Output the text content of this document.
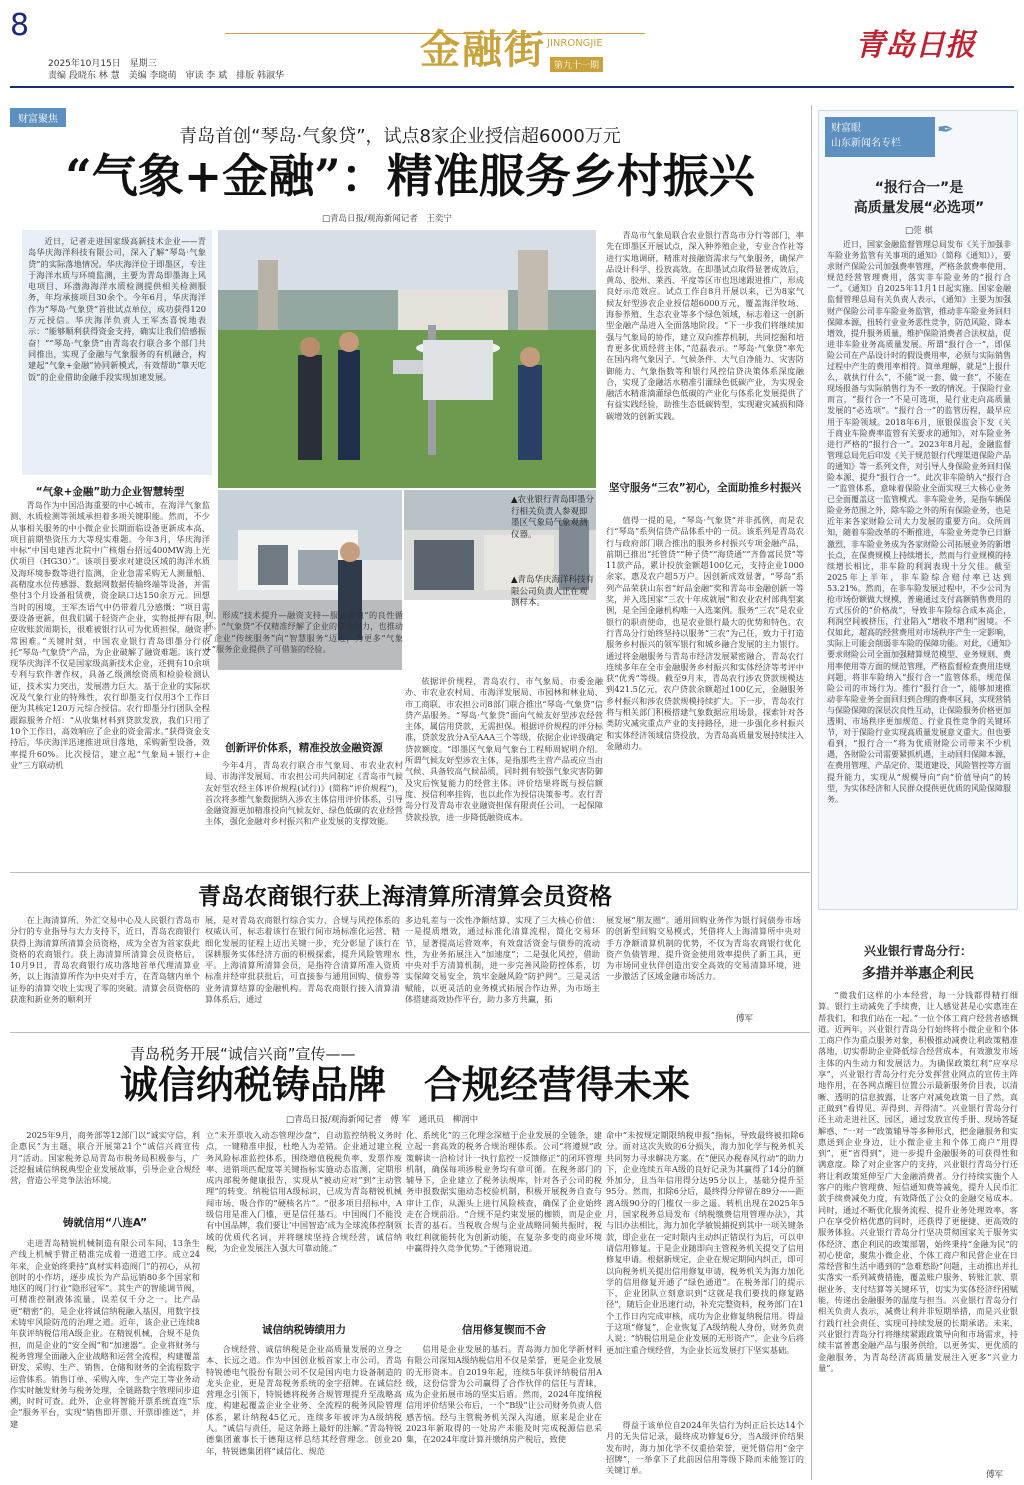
8
2025年10月15日　星期三
责编 段晓东 林 慧　美编 李晓萌　审读 李 斌　排版 韩淑华
金融街 JINRONGJIE
第九十一期
青岛日报
财富聚焦
青岛首创“琴岛·气象贷”，试点8家企业授信超6000万元
“气象+金融”：精准服务乡村振兴
□青岛日报/观海新闻记者　王奕宁
近日，记者走进国家级高新技术企业——青岛华庆海洋科技有限公司，深入了解“琴岛·气象贷”的实际落地情况。华庆海洋位于即墨区，专注于海洋水质与环境监测，主要为青岛即墨海上风电项目、环渤海海洋水质检测提供相关检测服务，年均承接项目30余个。今年6月，华庆海洋作为“琴岛·气象贷”首批试点单位，成功获得120万元授信。华庆海洋负责人王军杰喜悦地表示：“能够顺利获得资金支持，确实让我们倍感振奋！”“琴岛·气象贷”由青岛农行联合多个部门共同推出，实现了金融与气象服务的有机融合，构建起“气象+金融”协同新模式，有效帮助“靠天吃饭”的企业借助金融手段实现加速发展。
“气象+金融”助力企业智慧转型
青岛作为中国沿海重要的中心城市，在海洋气象监测、水质检测等领域承担着多项关键职能。然而，不少从事相关服务的中小微企业长期面临设备更新成本高、项目前期垫资压力大等现实难题。今年3月，华庆海洋中标“中国电建西北院中广核烟台招远400MW海上光伏项目（HG30）”。该项目要求对建设区域的海洋水质及海环境参数等进行监测，企业急需采购无人测量船、高精度水位传感器、数据网数据传输终端等设备，并需垫付3个月设备租赁费，资金缺口达150余万元。回想当时的困境，王军杰语气中仍带着几分感慨：“项目需要设备更新，但我们属于轻资产企业，实物抵押有限，应收账款周期长，很难被银行认可为优质担保，融资非常困难。”关键时刻，中国农业银行青岛即墨分行依托“琴岛·气象贷”产品，为企业破解了融资难题。该行发现华庆海洋不仅是国家级高新技术企业，还拥有10余项专利与软件著作权，具备乙级测绘资质和检验检测认证，技术实力突出，发展潜力巨大。基于企业的实际状况及气象行业的特殊性，农行即墨支行仅用3个工作日便为其核定120万元综合授信。农行即墨分行团队全程跟踪服务介绍：“从收集材料到贷款发放，我们只用了10个工作日，高效响应了企业的资金需求。”获得资金支持后，华庆海洋迅速推进项目落地，采购新型设备，效率提升60%。比次授信，建立起“气象局+银行+企业”三方联动机
▲农业银行青岛即墨分行相关负责人参观即墨区气象局气象观测仪器。
▲青岛华庆海洋科技有限公司负责人正在观测样本。
制，形成“技术提升—融资支持—服务增值”的良性循环。“气象贷”不仅精准纾解了企业的资金压力，也推动了企业“传统服务”向“智慧服务”迈进，为更多“气象+”服务企业提供了可借鉴的经验。
创新评价体系，精准投放金融资源
今年4月，青岛农行联合市气象局、市农业农村局、市海洋发展局、市农担公司共同制定《青岛市气候友好型农经主体评价规程(试行)》(简称“评价规程”)，首次将多维气象数据纳入涉农主体信用评价体系，引导金融资源更加精准投向气候友好、绿色低碳的农业经营主体，强化金融对乡村振兴和产业发展的支撑效能。
依据评价规程，青岛农行、市气象局、市委金融办、市农业农村局、市海洋发展局、市园林和林业局、市工商联、市农担公司8部门联合推出“琴岛·气象贷”信贷产品服务。“琴岛·气象贷”面向气候友好型涉农经营主体，属信用贷款，无需担保。根据评价规程的评分标准，贷款发放分A至AAA三个等级，依据企业评级确定贷款额度。“即墨区气象局气象台工程师周妮明介绍。所谓气候友好型涉农主体，是指那些主营产品或应当由气候、具备较高气候品质，同时拥有较强气象灾害防御及灾后恢复能力的经营主体。评价结果将既与授信额度、授信利率挂钩，也以此作为授信决策参考。农行青岛分行及青岛市农业融资担保有限责任公司，一起保障贷款投放，进一步降低融资成本。
青岛市气象局联合农业银行青岛市分行等部门，率先在即墨区开展试点，深入种养殖企业，专业合作社等进行实地调研，精准对接融资需求与气象服务，确保产品设计科学、投放高效。在即墨试点取得显著成效后，黄岛、胶州、莱西、平度等区市也迅速跟进推广，形成良好示范效应。试点工作自8月开展以来，已为8家气候友好型涉农企业授信超6000万元，覆盖海洋牧场、海参养殖、生态农业等多个绿色领域，标志着这一创新型金融产品进入全面落地阶段。“下一步我们将继续加强与气象局的协作，建立双向推荐机制，共同挖掘和培育更多优质经营主体，”范磊表示。“琴岛·气象贷”率先在国内将气象因子、气候条件、大气自净能力、灾害防御能力、气象指数等和银行风控信贷决策体系深度融合，实现了金融活水精准引灌绿色低碳产业，为实现金融活水精准滴灌绿色低碳的产业化与体系化发展提供了有益实践经验，助推生态低碳转型，实现避灾减损和降碳增效的创新实践。
坚守服务“三农”初心，全面助推乡村振兴
值得一提的是，“琴岛·气象贷”并非孤例，而是农行“琴岛”系列信贷产品体系中的一员。该系列是青岛农行与政府部门联合推出的服务乡村振兴专项金融产品，前期已推出“托管贷”“种子贷”“海贷通”“齐鲁富民贷”等11款产品，累计投放金额超100亿元，支持企业1000余家，惠及农户超5万户。因创新成效显著，“琴岛”系列产品荣获山东省“好品金融”奖和青岛市金融创新一等奖，并入选国家“三农十年成就展”和农业农村部典型案例，是全国金融机构唯一入选案例。服务“三农”是农业银行的职责使命，也是农业银行最大的优势和特色。农行青岛分行始终坚持以服务“三农”为己任，致力于打造服务乡村振兴的领军银行和城乡融合发展的主力银行。通过将金融服务与青岛市经济发展紧密融合，青岛农行连续多年在全市金融服务乡村振兴和实体经济等考评中获“优秀”等级。截至9月末，青岛农行涉农贷款规模达到421.5亿元，农户贷款余额超过100亿元，金融服务乡村振兴和涉农贷款规模持续扩大。下一步，青岛农行将与相关部门积极搭建气象数据应用场景，探索针对各类防灾减灾重点产业的支持路径，进一步强化乡村振兴和实体经济领域信贷投放，为青岛高质量发展持续注入金融动力。
青岛农商银行获上海清算所清算会员资格
在上海清算所、外汇交易中心及人民银行青岛市分行的专业指导与大力支持下，近日，青岛农商银行获得上海清算所清算会员资格，成为全省为首家获此资格的农商银行。获上海清算所清算会员资格后，10月9日，青岛农商银行成功落地首单代理清算业务，以上海清算所作为中央对手方，在青岛辖内单个证券的清算交收上实现了零的突破。清算会员资格的获准和新业务的顺利开
展，是对青岛农商银行综合实力、合规与风控体系的权威认可，标志着该行在银行间市场标准化运营、精细化发展的征程上迈出关键一步，充分彰显了该行在深耕服务实体经济方面的积极探索，提升风险管理水平。上海清算所清算会员，是指符合清算所准入资质标准并经审批获批后，可直接参与通用回购、债券等业务清算结算的金融机构。青岛农商银行接入清算清算体系后，通过
多边轧差与一次性净额结算，实现了三大核心价值：一是提质增效，通过标准化清算流程，简化交易环节，显著提高运营效率，有效盘活资金与债券的流动性，为业务拓展注入“加速度”；二是强化风控，借助中央对手方清算机制，进一步完善风险防控体系，切实保障交易安全，筑牢金融风险“防护网”。三是灵活赋能，以更灵活的业务模式拓展合作边界，为市场主体搭建高效协作平台，助力多方共赢，拓
展发展“朋友圈”。通用回购业务作为银行间债券市场的创新型回购交易模式，凭借将人上海清算所中央对手方净额清算机制的优势，不仅为青岛农商银行优化资产负债管理、提升资金使用效率提供了新工具，更为市场同业伙伴创造出安全高效的交易清算环境，进一步激活了区域金融市场活力。
傅军
青岛税务开展“诚信兴商”宣传——
诚信纳税铸品牌　合规经营得未来
□青岛日报/观海新闻记者　傅 军　通讯员　柳润中
2025年9月，商务部等12部门以“诚实守信，利企惠民”为主题，联合开展第21个“诚信兴商宣传月”活动。国家税务总局青岛市税务局积极参与，广泛挖掘诚信纳税典型企业发展故事，引导企业合规经营，营造公平竞争法治环境。
铸就信用“八连A”
走进青岛精锐机械制造有限公司车间，13条生产线上机械手臂正精准完成着一道道工序。成立24年来，企业始终秉持“真材实料造阀门”的初心，从初创时的小作坊，逐步成长为产品远销80多个国家和地区的阀门行业“隐形冠军”。其生产的智能调节阀，可精准控制液体流量，误差仅千分之一。比产品更“精密”的，是企业将诚信纳税融入基因，用数字技术铸牢风险防范的治理之道。近年，该企业已连续8年获评纳税信用A级企业。在精锐机械，合规不是负担，而是企业的“安全阀”和“加速器”。企业将财务与税务管理全面融入企业战略和运营全流程，构建覆盖研发、采购、生产、销售、仓储和财务的全流程数字运营体系。销售订单、采购入库、生产完工等业务动作实时触发财务与税务处理，全链路数字管理同步追溯，时时可查。此外，企业将智能开票系统直连“乐企”服务平台，实现“销售即开票、开票即推送”，并建
立“未开票收入动态管理沙盘”，自动监控纳税义务时点，一键精准申报，杜绝人为差错。企业通过建立税务风险标准监控体系，围绕增值税税负率、发票作废率、进销项匹配度等关键指标实施动态监测，定期形成内部税务健康报告，实现从“被动应对”到“主动管理”的转变。纳税信用A级标识，已成为青岛精锐机械闯市场、吸合作的“硬核名片”。“很多项目招标中，A级信用是准入门槛，更是信任基石。中国阀门不能没有中国品牌，我们要让‘中国智造’成为全球流体控制领域的优质代名词，并将继续坚持合规经营，诚信纳税，为企业发展注入强大可靠动能。”
诚信纳税铸绩用力
合规经营、诚信纳税是企业高质量发展的立身之本、长远之道。作为中国创业板首家上市公司，青岛特锐德电气股份有限公司不仅是国内电力设备制造的龙头企业，更是青岛税务系统的金字招牌。在诚信经营理念引领下，特锐德将税务合规管理提升至战略高度，构建起覆盖企业全业务、全流程的税务风险管理体系，累计纳税45亿元，连续多年被评为A级纳税人。“诚信与责任，是这条路上最好的注解。”青岛特锐德集团董事长于德翔这样总结其经营理念。创业20年，特锐德集团将“诚信化、规范
化、系统化”的三化理念深植于企业发展的全链条，建立起一套高效的税务合规治理体系。公司“将遵规”政策解读一洽检讨计一执行监控一反馈修正”的闭环管理机制，确保每项涉税业务均有章可循。在税务部门的辅导下，企业建立了税务法规库，针对各子公司的税务申报数据实施动态校验机制，积极开展税务自查与审计工作，从源头上进行风险核查，确保了企业始终走在合规前沿。“合规不是约束发展的枷锁，而是企业长青的基石。当税收合规与企业战略同频共振时，税收红利就能转化为创新动能，在复杂多变的商业环境中赢得持久竞争优势。”于德翔说道。
信用修复锲而不舍
信用是企业发展的基石。青岛海力加化学新材料有限公司深知A级纳税信用不仅是荣誉，更是企业发展的无形资本。自2019年起，连续5年获评纳税信用A级，这份信誉为公司赢得了合作伙伴的信任与青睐，成为企业拓展市场的坚实后盾。然而，2024年度纳税信用评价结果公布后，一个“B级”让公司财务负责人倍感苦恼。经与主管税务机关深入沟通，原来是企业在2023年新取得的一处房产未能及时完成税源信息采集，在2024年度计算并缴纳房产税后，致使
命中“未按规定期限纳税申报”指标，导致最终被扣除6分。面对这次失败的6分损失，海力加化学与税务机关共同努力寻求解决方案。在“便民办税春风行动”的助力下，企业连续五年A级的良好记录为其赢得了14分的额外加分，且当年信用得分达95分以上，基础分提升至95分。然而，扣除6分后，最终得分停留在89分——距离A级90分的门槛仅一步之遥。转机出现在2025年5月，国家税务总局发布《纳税缴费信用管理办法》，其与旧办法相比，海力加化学敏锐捕捉到其中一项关键条款，即企业在一定时限内主动纠正错误行为后，可以申请信用修复。于是企业随即向主管税务机关提交了信用修复申请。根据新规定，企业在规定期间内纠正，即可以向税务机关提出信用修复申请，税务机关为海力加化学的信用修复开通了“绿色通道”。在税务部门的提示下，企业团队立刻意识到“这就是我们要找的修复路径”，随后企业迅速行动，补充完整资料，税务部门在1个工作日内完成审核，成功为企业修复纳税信用。得益于这项“修复”，企业恢复了A级纳税人身份，财务负责人说：“纳税信用是企业发展的无形资产”，企业今后将更加注重合规经营，为企业长远发展打下坚实基础。
得益于该单位自2024年失信行为纠正后长达14个月的无失信记录，最终成功修复6分，当A级评价结果发布时，海力加化学不仅重拾荣誉，更凭借信用“金字招牌”，一举拿下了此前因信用等级下降而未能签订的关键订单。
财富眼
山东新闻名专栏
✒
“报行合一”是
高质量发展“必选项”
□莞 棋
近日，国家金融监督管理总局发布《关于加强非车险业务监管有关事项的通知》（简称《通知》），要求财产保险公司加强费率管理，严格条款费率使用、规范经营管理费用，落实非车险业务的“报行合一”。《通知》自2025年11月1日起实施。国家金融监督管理总局有关负责人表示，《通知》主要为加强财产保险公司非车险业务监管，推动非车险业务回归保障本源，扭转行业业务恶性竞争，防范风险、降本增效，提升服务质量，维护保险消费者合法权益，促进非车险业务高质量发展。所谓“报行合一”，即保险公司在产品设计时的假设费用率，必须与实际销售过程中产生的费用率相符。简单理解，就是“上报什么，就执行什么”，不能“说一套、做一套”，不能在现场报备与实际销售行为不一致的情况。于保险行业而言，“报行合一”不是可选项，是行业走向高质量发展的“必选项”。“报行合一”的监管历程，最早应用于车险领域。2018年6月，原银保监会下发《关于商业车险费率监管有关要求的通知》，对车险业务进行严格的“报行合一”。2023年8月起，金融监督管理总局先后印发《关于规范银行代理渠道保险产品的通知》等一系列文件，对引导人身保险业务回归保险本源、提升“报行合一”。此次非车险纳入“报行合一”监管体系，意味着保险业全面实现三大核心业务已全面覆盖这一监管模式。非车险业务，是指车辆保险业务范围之外，除车险之外的所有保险业务，也是近年来各家财险公司大力发展的重要方向。众所周知，随着车险改革的不断推进，车险业务竞争已日渐激烈，非车险业务成为各家财险公司拓展业务的新增长点，在保费规模上持续增长，然而与行业规模的持续增长相比，非车险的利润表现十分欠佳。截至2025年上半年，非车险综合赔付率已达到53.21%。然而，在非车险发展过程中，不少公司为抢市场份额做大规模，普遍通过支付高额销售费用的方式压价的“价格战”，导致非车险综合成本高企，利润空间被挤压，行业陷入“增收不增利”困境。不仅如此，超高的经营费用对市场秩序产生一定影响，实际上可能会削弱非车险的保障功能。对此，《通知》要求财险公司全面加强精算规范模型、业务规则、费用率使用等方面的规范管理，严格监督检查费用违规问题，将非车险纳入“报行合一”监管体系，规范保险公司的市场行为。推行“报行合一”，能够加速推动非车险业务全面回归到合理的费率区间，实现营销与保险保障的深层次良性互动，让保险服务价格更加透明、市场秩序更加规范、行业良性竞争的关键环节，对于保险行业实现高质量发展意义重大。但也要看到，“报行合一”将为优质财险公司带来不少机遇，各财险公司需要紧抓机遇，主动回归保障本源，在费用管理、产品定价、渠道建设、风险管控等方面提升能力，实现从“规模导向”向“价值导向”的转型，为实体经济和人民群众提供更优质的风险保障服务。
兴业银行青岛分行：
多措并举惠企利民
“微我们这样的小本经营，每一分钱都得精打细算。银行主动减免了手续费，让人感觉甚是心实惠连在帮我们，和我们站在一起。”一位个体工商户经营者感慨道。近两年，兴业银行青岛分行始终将小微企业和个体工商户作为重点服务对象，积极推动减费让利政策精准落地，切实帮助企业降低综合经营成本，有效激发市场主体的内生动力和发展活力。为确保政策红利“应享尽享”，兴业银行青岛分行充分发挥营业网点的宣传主阵地作用，在各网点醒目位置公示最新服务价目表，以清晰、透明的信息披露，让客户对减免政策一目了然，真正做到“看得见、弄得到、弄得清”。兴业银行青岛分行还主动走进社区、园区，通过发放宣传手册、现场答疑解惑、“一对一”政策辅导等多种形式，把金融服务和实惠送到企业身边，让小微企业主和个体工商户“用得到”，更“省得到”，进一步提升金融服务的可获得性和满意度。除了对企业客户的支持，兴业银行青岛分行还将让利政策延伸至广大金融消费者。分行持续实施个人客户的账户管理费、短信通知费等减免，提升人民币汇款手续费减免力度，有效降低了公众的金融交易成本。同时，通过不断优化服务流程、提升业务处理效率，客户在享受价格优惠的同时，还获得了更便捷、更高效的服务体验。兴业银行青岛分行坚决贯彻国家关于服务实体经济、惠企利民的政策部署，始终秉持“金融为民”的初心使命，聚焦小微企业、个体工商户和民营企业在日常经营和生活中遇到的“急难愁盼”问题，主动推出并扎实落实一系列减费措施，覆盖账户服务、转账汇款、票据业务、支付结算等关键环节，切实为实体经济纾困赋能，传递出金融服务的温度与担当。兴业银行青岛分行相关负责人表示，减费让利并非短期举措，而是兴业银行践行社会责任、实现可持续发展的长期承诺。未来，兴业银行青岛分行将继续紧跟政策导向和市场需求，持续丰富普惠金融产品与服务供给，以更务实、更优质的金融服务，为青岛经济高质量发展注入更多“兴业力量”。
傅军
